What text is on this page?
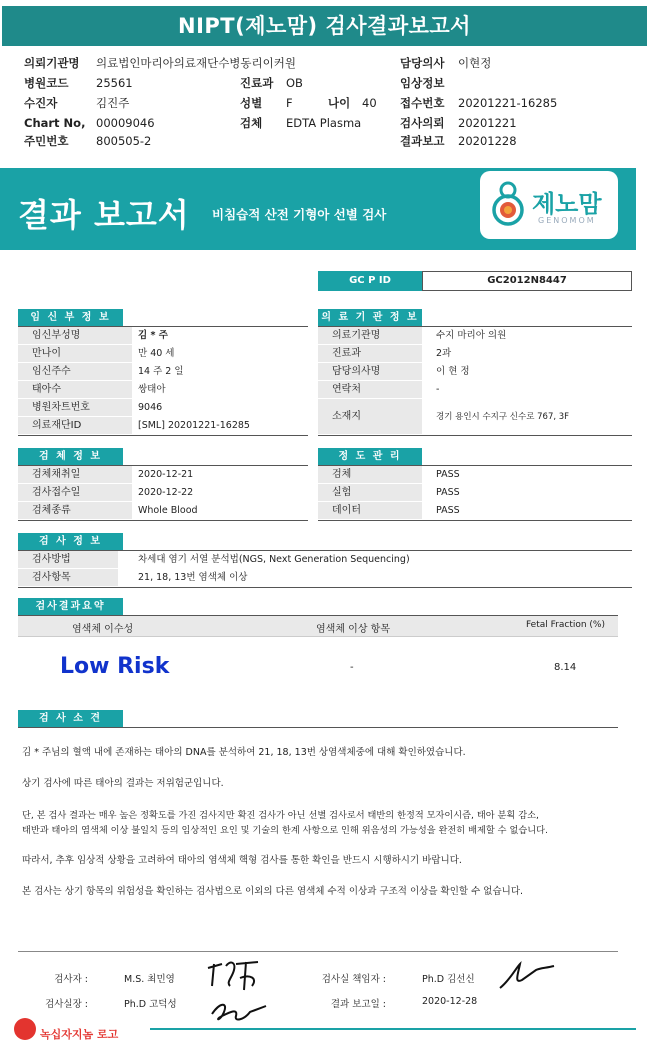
NIPT(제노맘) 검사결과보고서
의뢰기관명 의료법인마리아의료재단수병동리이커원	담당의사 이현정
병원코드 25561	진료과 OB	임상정보
수진자	김진주	성별 F	나이 40 접수번호 20201221-16285
Chart No, 00009046	검체 EDTA Plasma	검사의뢰 20201221
주민번호 800505-2	결과보고 20201228
결과 보고서 비침습적 산전 기형아 선별 검사	제노맘
GENOMOM
GC P ID	GC2012N8447
임 신 부 정 보
임신부성명	김 * 주
만나이	만 40 세
임신주수	14 주 2 일
태아수	쌍태아
병원차트번호	9046
의료재단ID	[SML] 20201221-16285
의 료 기 관 정 보
의료기관명	수지 마리아 의원
진료과	2과
담당의사명	이 현 정
연락처	-
소재지	경기 용인시 수지구 신수로 767, 3F
검 체 정 보
검체채취일	2020-12-21
검사접수일	2020-12-22
검체종류	Whole Blood
정 도 관 리
검체	PASS
실험	PASS
데이터	PASS
검 사 정 보
검사방법	차세대 염기 서열 분석법(NGS, Next Generation Sequencing)
검사항목	21, 18, 13번 염색체 이상
검사결과요약
염색체 이수성	염색체 이상 항목	Fetal Fraction (%)
Low Risk	-	8.14
검 사 소 견
김 * 주님의 혈액 내에 존재하는 태아의 DNA를 분석하여 21, 18, 13번 상염색체중에 대해 확인하였습니다.
상기 검사에 따른 태아의 결과는 저위험군입니다.
단, 본 검사 결과는 매우 높은 정확도를 가진 검사지만 확진 검사가 아닌 선별 검사로서 태반의 한정적 모자이시즘, 태아 분획 감소,
태반과 태아의 염색체 이상 불일치 등의 임상적인 요인 및 기술의 한계 사항으로 인해 위음성의 가능성을 완전히 배제할 수 없습니다.
따라서, 추후 임상적 상황을 고려하여 태아의 염색체 핵형 검사를 통한 확인을 반드시 시행하시기 바랍니다.
본 검사는 상기 항목의 위험성을 확인하는 검사법으로 이외의 다른 염색체 수적 이상과 구조적 이상을 확인할 수 없습니다.
검사자 :	M.S. 최민영
검사실장 :	Ph.D 고덕성
검사실 책임자 :	Ph.D 김선신
결과 보고일 :	2020-12-28
녹십자지놈 로고
